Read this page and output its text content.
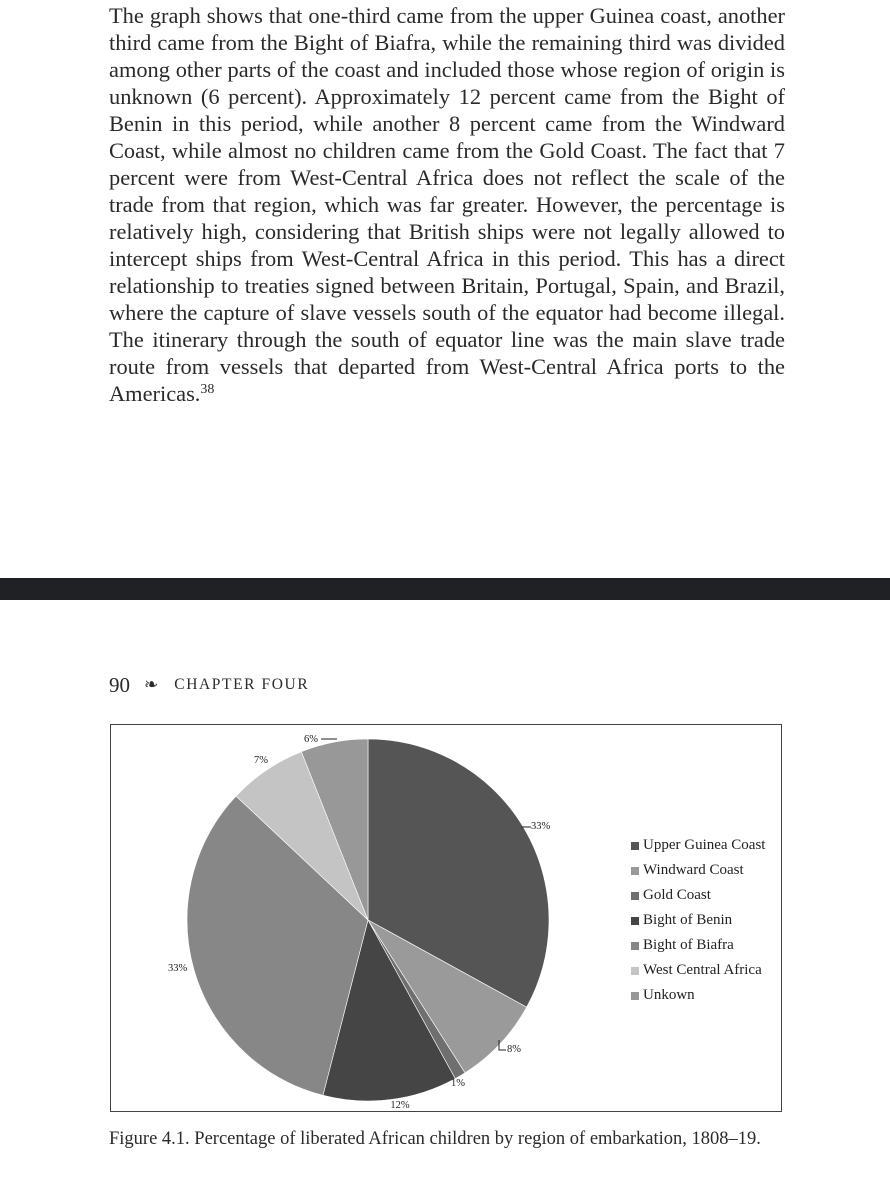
The graph shows that one-third came from the upper Guinea coast, another third came from the Bight of Biafra, while the remaining third was divided among other parts of the coast and included those whose region of origin is unknown (6 percent). Approximately 12 percent came from the Bight of Benin in this period, while another 8 percent came from the Windward Coast, while almost no children came from the Gold Coast. The fact that 7 percent were from West-Central Africa does not reflect the scale of the trade from that region, which was far greater. However, the percentage is relatively high, considering that British ships were not legally allowed to intercept ships from West-Central Africa in this period. This has a direct relationship to treaties signed between Britain, Portugal, Spain, and Brazil, where the capture of slave vessels south of the equator had become illegal. The itinerary through the south of equator line was the main slave trade route from vessels that departed from West-Central Africa ports to the Americas.$^{38}$

90 ❧ CHAPTER FOUR
33%
8%
1%
12%
33%
7%
6%
Upper Guinea Coast
Windward Coast
Gold Coast
Bight of Benin
Bight of Biafra
West Central Africa
Unkown

Figure 4.1. Percentage of liberated African children by region of embarkation, 1808–19.
